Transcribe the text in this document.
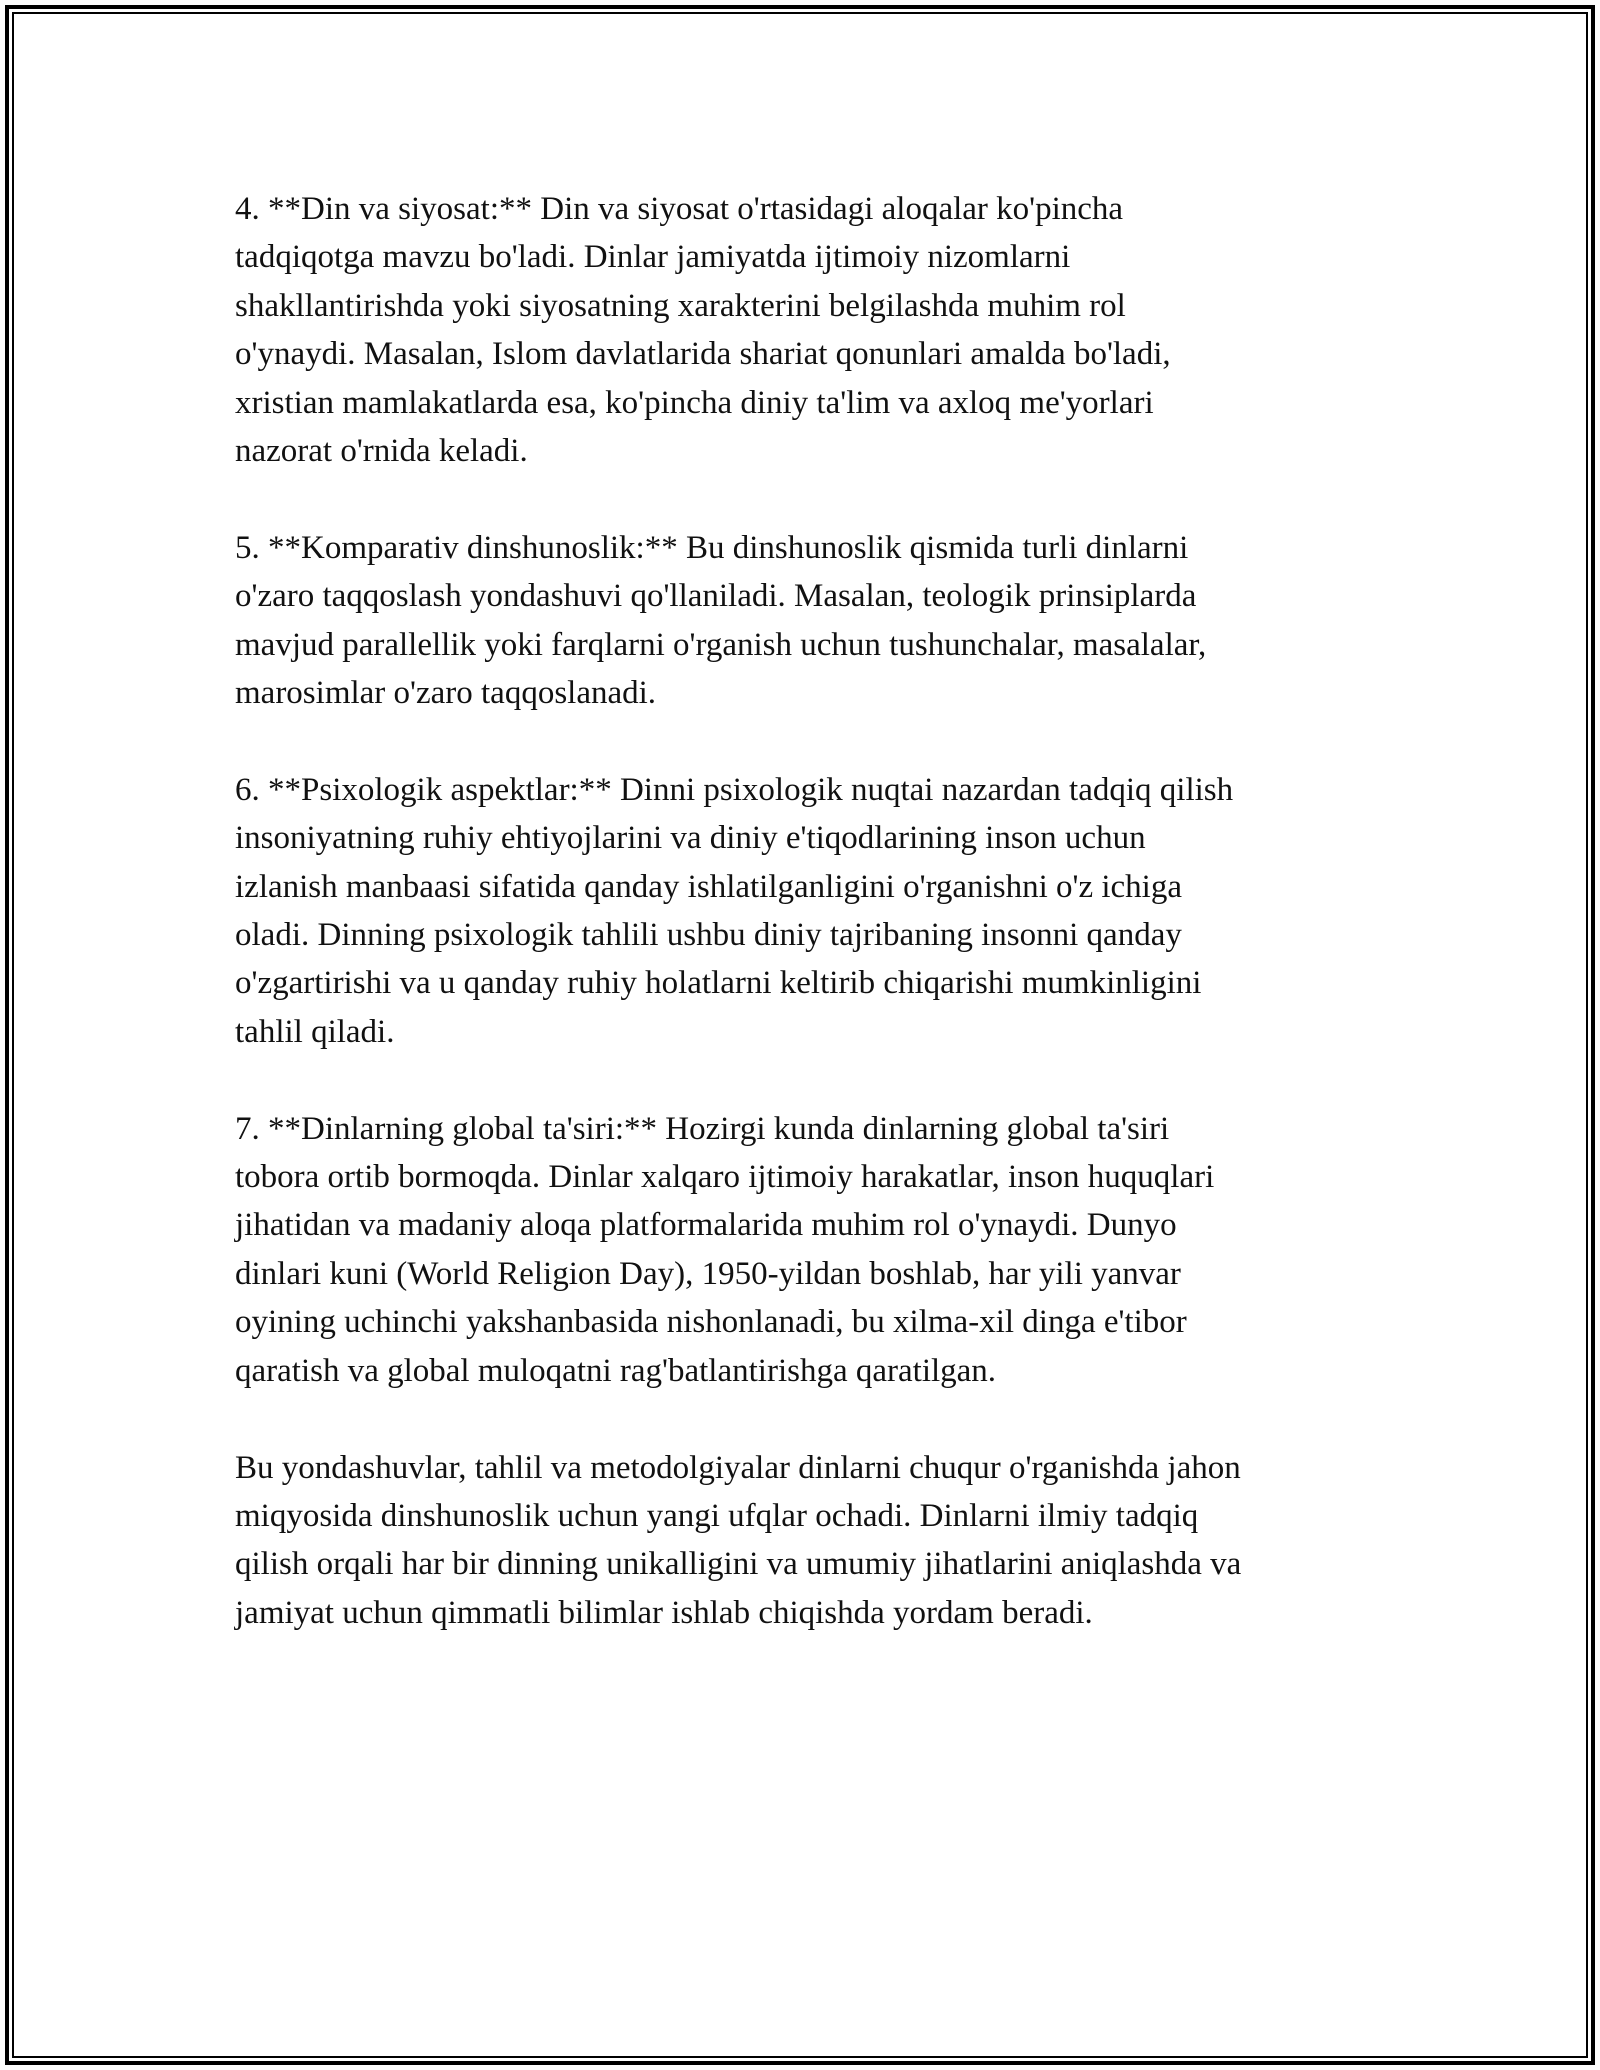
4. **Din va siyosat:** Din va siyosat o'rtasidagi aloqalar ko'pincha
tadqiqotga mavzu bo'ladi. Dinlar jamiyatda ijtimoiy nizomlarni
shakllantirishda yoki siyosatning xarakterini belgilashda muhim rol
o'ynaydi. Masalan, Islom davlatlarida shariat qonunlari amalda bo'ladi,
xristian mamlakatlarda esa, ko'pincha diniy ta'lim va axloq me'yorlari
nazorat o'rnida keladi.

5. **Komparativ dinshunoslik:** Bu dinshunoslik qismida turli dinlarni
o'zaro taqqoslash yondashuvi qo'llaniladi. Masalan, teologik prinsiplarda
mavjud parallellik yoki farqlarni o'rganish uchun tushunchalar, masalalar,
marosimlar o'zaro taqqoslanadi.

6. **Psixologik aspektlar:** Dinni psixologik nuqtai nazardan tadqiq qilish
insoniyatning ruhiy ehtiyojlarini va diniy e'tiqodlarining inson uchun
izlanish manbaasi sifatida qanday ishlatilganligini o'rganishni o'z ichiga
oladi. Dinning psixologik tahlili ushbu diniy tajribaning insonni qanday
o'zgartirishi va u qanday ruhiy holatlarni keltirib chiqarishi mumkinligini
tahlil qiladi.

7. **Dinlarning global ta'siri:** Hozirgi kunda dinlarning global ta'siri
tobora ortib bormoqda. Dinlar xalqaro ijtimoiy harakatlar, inson huquqlari
jihatidan va madaniy aloqa platformalarida muhim rol o'ynaydi. Dunyo
dinlari kuni (World Religion Day), 1950-yildan boshlab, har yili yanvar
oyining uchinchi yakshanbasida nishonlanadi, bu xilma-xil dinga e'tibor
qaratish va global muloqatni rag'batlantirishga qaratilgan.

Bu yondashuvlar, tahlil va metodolgiyalar dinlarni chuqur o'rganishda jahon
miqyosida dinshunoslik uchun yangi ufqlar ochadi. Dinlarni ilmiy tadqiq
qilish orqali har bir dinning unikalligini va umumiy jihatlarini aniqlashda va
jamiyat uchun qimmatli bilimlar ishlab chiqishda yordam beradi.
